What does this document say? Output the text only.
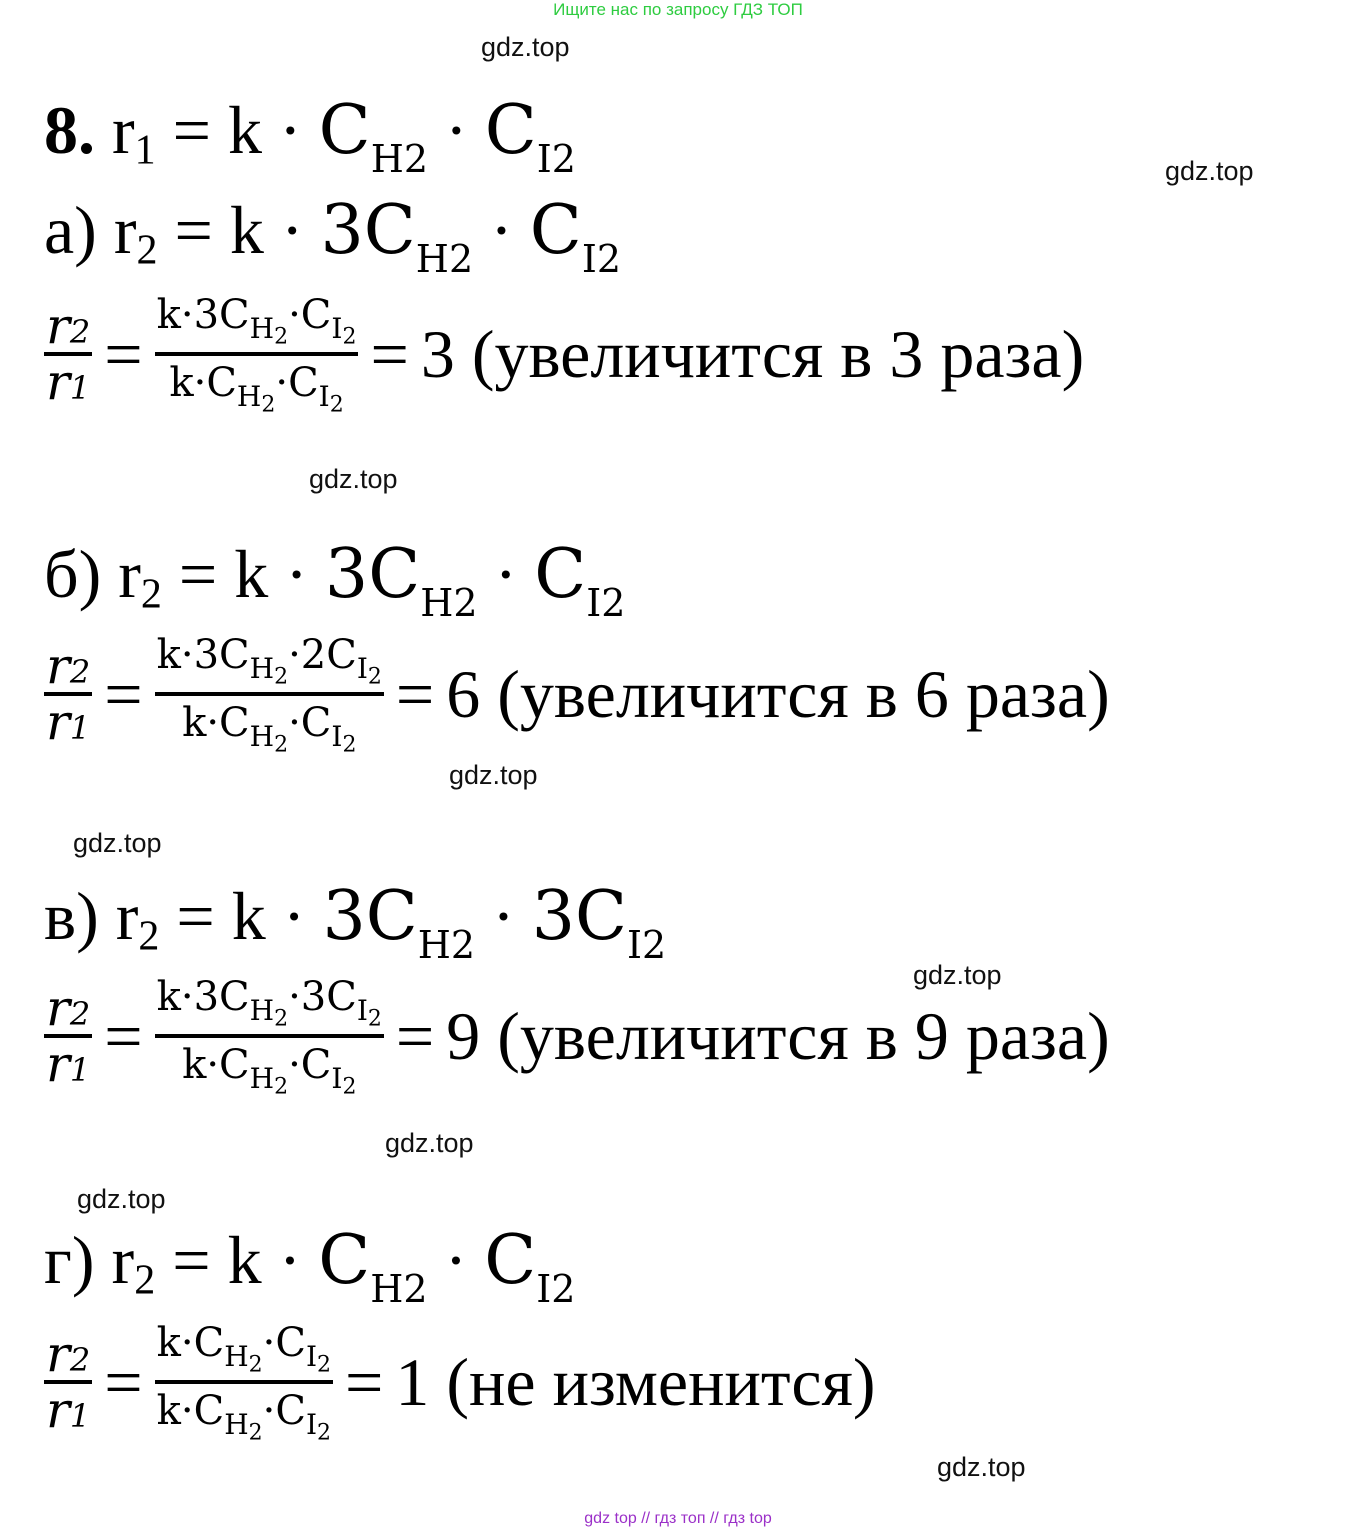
Ищите нас по запросу ГДЗ ТОП
gdz.top
gdz.top
gdz.top
gdz.top
gdz.top
gdz.top
gdz.top
gdz.top
gdz.top
8. $r_1 = k \cdot C_{H2} \cdot C_{I2}$
а) $r_2 = k \cdot 3C_{H2} \cdot C_{I2}$
$\frac{r2}{r1} = \frac{k\cdot 3C_{H2}\cdot C_{I2}}{k\cdot C_{H2}\cdot C_{I2}} = 3$ (увеличится в 3 раза)
б) $r_2 = k \cdot 3C_{H2} \cdot C_{I2}$
$\frac{r2}{r1} = \frac{k\cdot 3C_{H2}\cdot 2C_{I2}}{k\cdot C_{H2}\cdot C_{I2}} = 6$ (увеличится в 6 раза)
в) $r_2 = k \cdot 3C_{H2} \cdot 3C_{I2}$
$\frac{r2}{r1} = \frac{k\cdot 3C_{H2}\cdot 3C_{I2}}{k\cdot C_{H2}\cdot C_{I2}} = 9$ (увеличится в 9 раза)
г) $r_2 = k \cdot C_{H2} \cdot C_{I2}$
$\frac{r2}{r1} = \frac{k\cdot C_{H2}\cdot C_{I2}}{k\cdot C_{H2}\cdot C_{I2}} = 1$ (не изменится)
gdz top // гдз топ // гдз top
